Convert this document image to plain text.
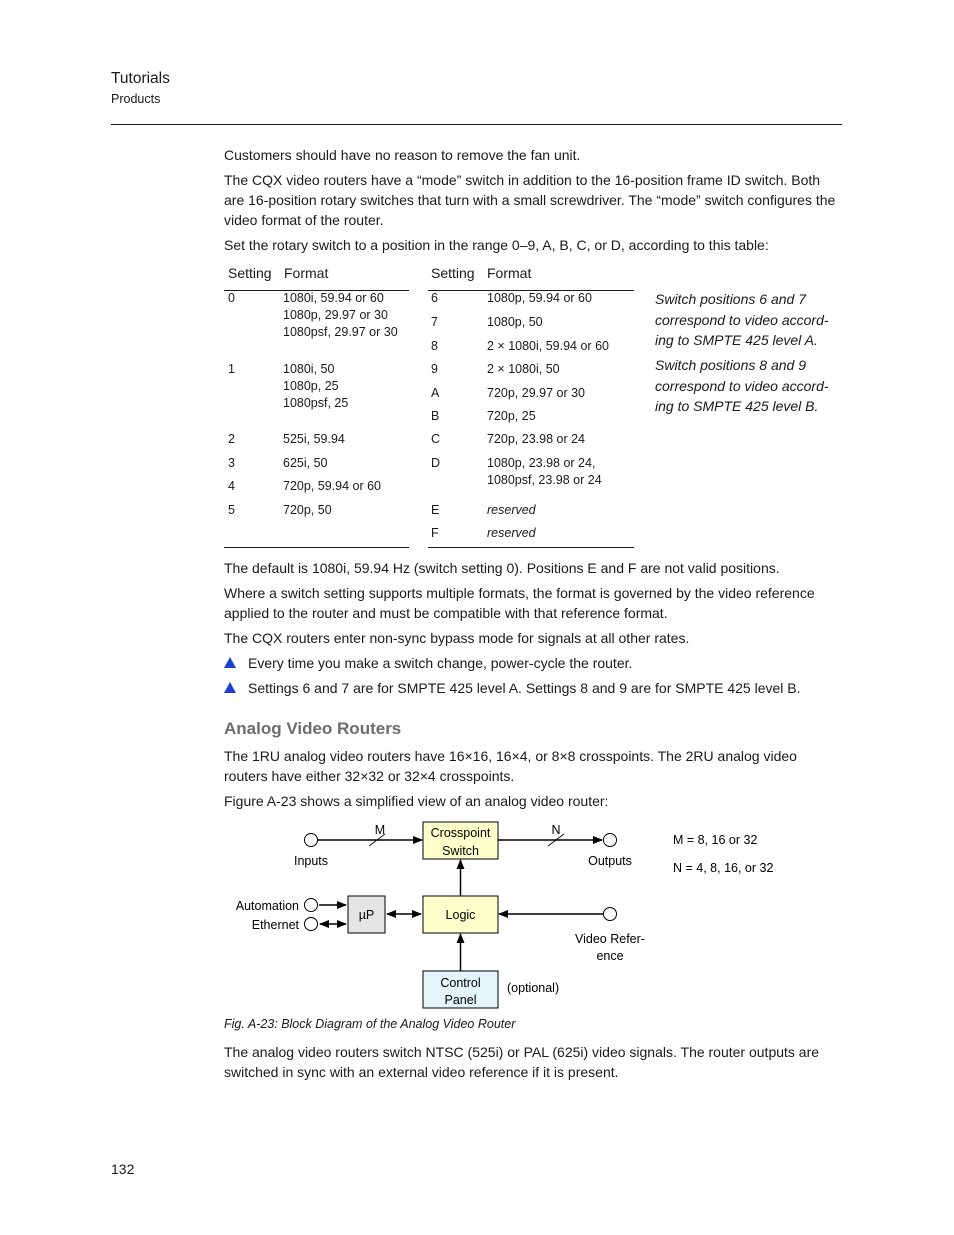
Tutorials
Products

Customers should have no reason to remove the fan unit.

The CQX video routers have a “mode” switch in addition to the 16-position frame ID switch. Both are 16-position rotary switches that turn with a small screwdriver. The “mode” switch configures the video format of the router.

Set the rotary switch to a position in the range 0–9, A, B, C, or D, according to this table:

Setting Format	Setting Format
0	1080i, 59.94 or 60
1080p, 29.97 or 30
1080psf, 29.97 or 30
1	1080i, 50
1080p, 25
1080psf, 25
2	525i, 59.94
3	625i, 50
4	720p, 59.94 or 60
5	720p, 50
6	1080p, 59.94 or 60
7	1080p, 50
8	2 × 1080i, 59.94 or 60
9	2 × 1080i, 50
A	720p, 29.97 or 30
B	720p, 25
C	720p, 23.98 or 24
D	1080p, 23.98 or 24,
1080psf, 23.98 or 24
E	reserved
F	reserved
Switch positions 6 and 7
correspond to video accord-
ing to SMPTE 425 level A.
Switch positions 8 and 9
correspond to video accord-
ing to SMPTE 425 level B.

The default is 1080i, 59.94 Hz (switch setting 0). Positions E and F are not valid positions.

Where a switch setting supports multiple formats, the format is governed by the video reference applied to the router and must be compatible with that reference format.

The CQX routers enter non-sync bypass mode for signals at all other rates.

Every time you make a switch change, power-cycle the router.
Settings 6 and 7 are for SMPTE 425 level A. Settings 8 and 9 are for SMPTE 425 level B.
Analog Video Routers

The 1RU analog video routers have 16×16, 16×4, or 8×8 crosspoints. The 2RU analog video routers have either 32×32 or 32×4 crosspoints.

Figure A-23 shows a simplified view of an analog video router:

Crosspoint
Switch
Logic
µP
Control
Panel
(optional)
M
Inputs
N
Outputs
M = 8, 16 or 32
N = 4, 8, 16, or 32
Video Refer-
ence
Automation
Ethernet
Fig. A-23: Block Diagram of the Analog Video Router

The analog video routers switch NTSC (525i) or PAL (625i) video signals. The router outputs are switched in sync with an external video reference if it is present.

132
